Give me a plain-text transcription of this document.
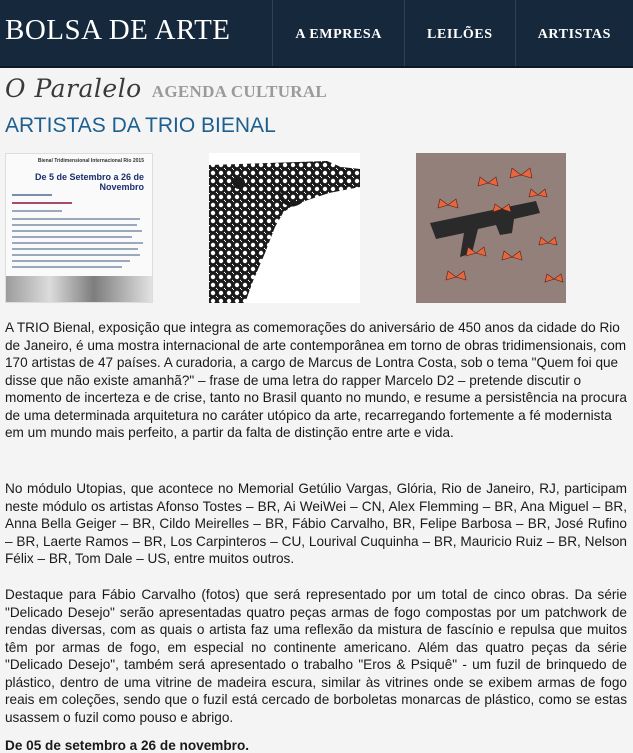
BOLSA DE ARTE	A EMPRESA	LEILÕES	ARTISTAS
O Paralelo AGENDA CULTURAL
ARTISTAS DA TRIO BIENAL
Bienal Tridimensional Internacional Rio 2015
De 5 de Setembro a 26 de Novembro

A TRIO Bienal, exposição que integra as comemorações do aniversário de 450 anos da cidade do Rio de Janeiro, é uma mostra internacional de arte contemporânea em torno de obras tridimensionais, com 170 artistas de 47 países. A curadoria, a cargo de Marcus de Lontra Costa, sob o tema "Quem foi que disse que não existe amanhã?" – frase de uma letra do rapper Marcelo D2 – pretende discutir o momento de incerteza e de crise, tanto no Brasil quanto no mundo, e resume a persistência na procura de uma determinada arquitetura no caráter utópico da arte, recarregando fortemente a fé modernista em um mundo mais perfeito, a partir da falta de distinção entre arte e vida.

No módulo Utopias, que acontece no Memorial Getúlio Vargas, Glória, Rio de Janeiro, RJ, participam neste módulo os artistas Afonso Tostes – BR, Ai WeiWei – CN, Alex Flemming – BR, Ana Miguel – BR, Anna Bella Geiger – BR, Cildo Meirelles – BR, Fábio Carvalho, BR, Felipe Barbosa – BR, José Rufino – BR, Laerte Ramos – BR, Los Carpinteros – CU, Lourival Cuquinha – BR, Mauricio Ruiz – BR, Nelson Félix – BR, Tom Dale – US, entre muitos outros.

Destaque para Fábio Carvalho (fotos) que será representado por um total de cinco obras. Da série "Delicado Desejo" serão apresentadas quatro peças armas de fogo compostas por um patchwork de rendas diversas, com as quais o artista faz uma reflexão da mistura de fascínio e repulsa que muitos têm por armas de fogo, em especial no continente americano. Além das quatro peças da série "Delicado Desejo", também será apresentado o trabalho "Eros & Psiquê" - um fuzil de brinquedo de plástico, dentro de uma vitrine de madeira escura, similar às vitrines onde se exibem armas de fogo reais em coleções, sendo que o fuzil está cercado de borboletas monarcas de plástico, como se estas usassem o fuzil como pouso e abrigo.

De 05 de setembro a 26 de novembro.
